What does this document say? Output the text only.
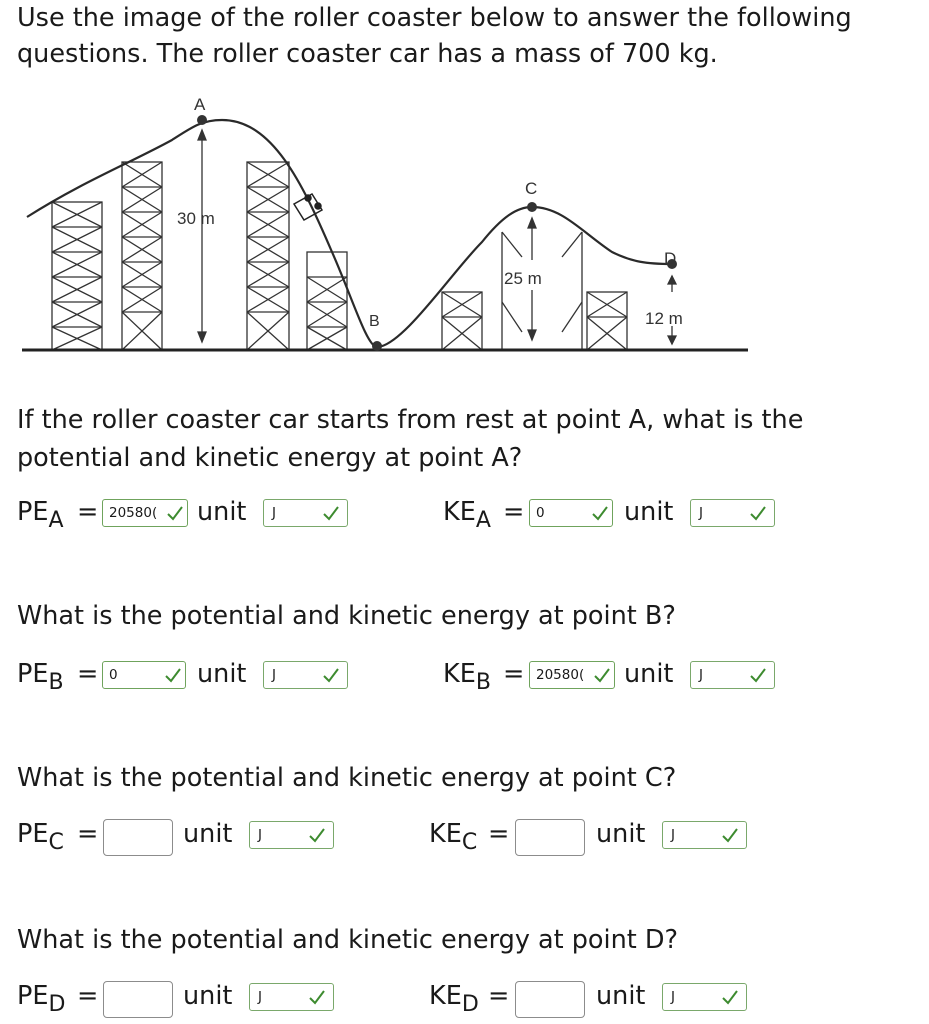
Use the image of the roller coaster below to answer the following questions. The roller coaster car has a mass of 700 kg.

A
B
C
D
30 m
25 m
12 m

If the roller coaster car starts from rest at point A, what is the potential and kinetic energy at point A?

$PE_A = 20580$(	unit	J	$KE_A = 0$	unit	J

What is the potential and kinetic energy at point B?

$PE_B = 0$	unit	J	$KE_B = 20580$(	unit	J

What is the potential and kinetic energy at point C?

$PE_C$ =	unit	J	$KE_C$ =	unit	J

What is the potential and kinetic energy at point D?

$PE_D$ =	unit	J	$KE_D$ =	unit	J
